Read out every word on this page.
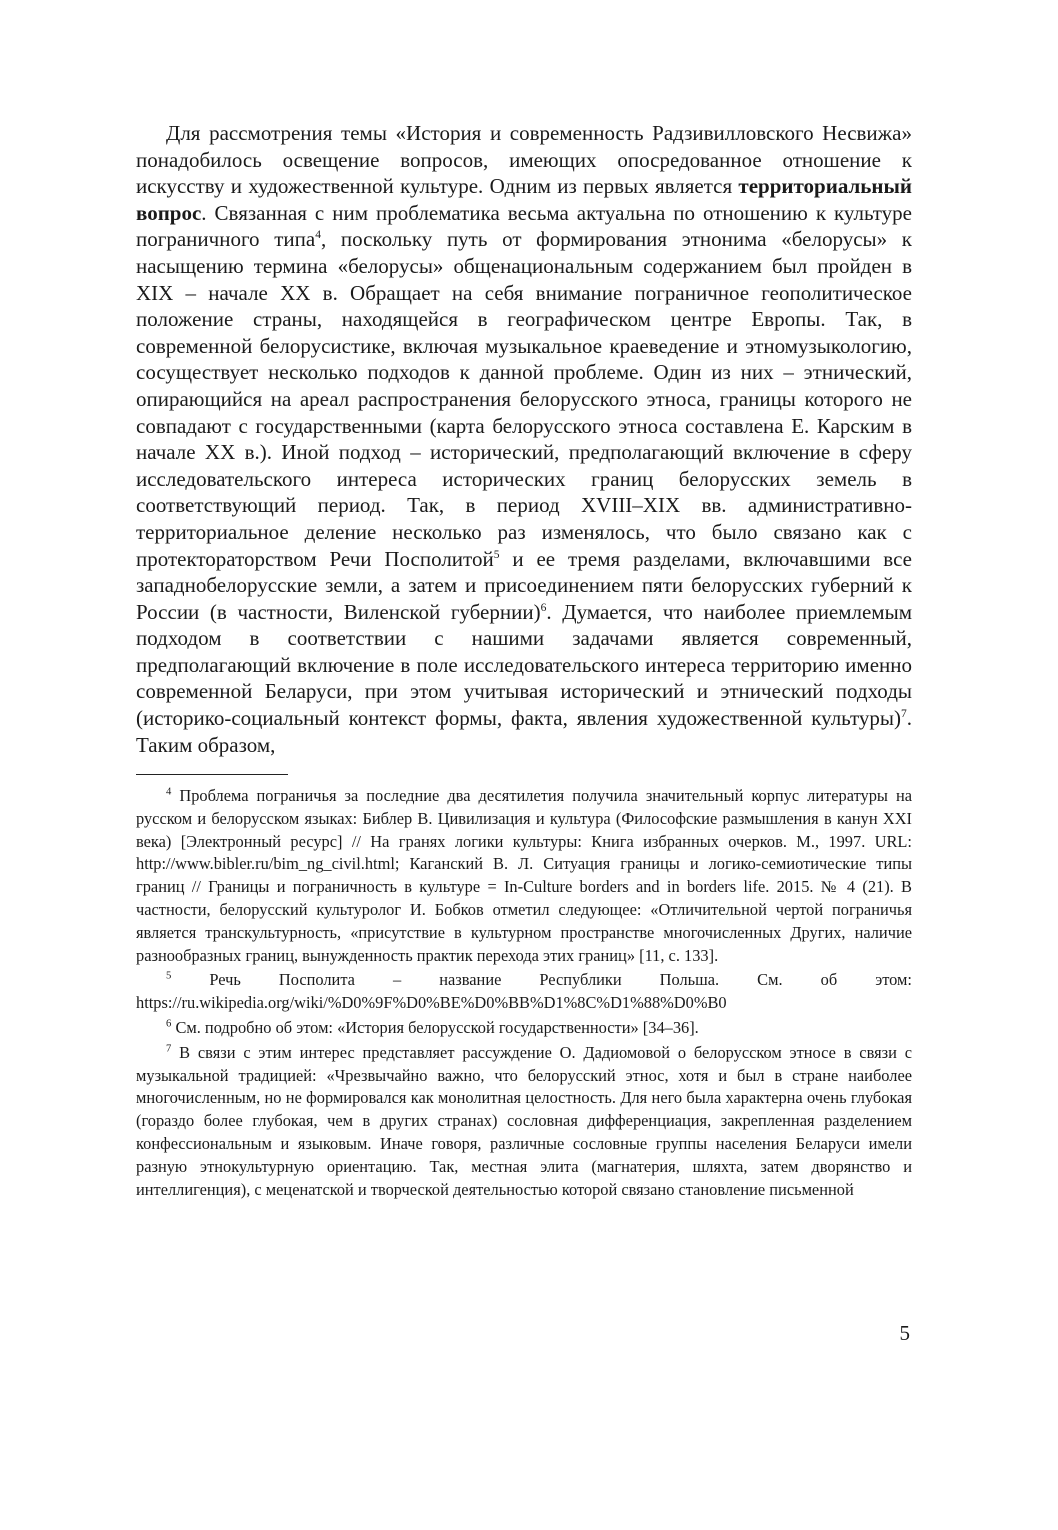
Для рассмотрения темы «История и современность Радзивилловского Несвижа» понадобилось освещение вопросов, имеющих опосредованное отношение к искусству и художественной культуре. Одним из первых является территориальный вопрос. Связанная с ним проблематика весьма актуальна по отношению к культуре пограничного типа$^4$, поскольку путь от формирования этнонима «белорусы» к насыщению термина «белорусы» общенациональным содержанием был пройден в XIX – начале XX в. Обращает на себя внимание пограничное геополитическое положение страны, находящейся в географическом центре Европы. Так, в современной белорусистике, включая музыкальное краеведение и этномузыкологию, сосуществует несколько подходов к данной проблеме. Один из них – этнический, опирающийся на ареал распространения белорусского этноса, границы которого не совпадают с государственными (карта белорусского этноса составлена Е. Карским в начале XX в.). Иной подход – исторический, предполагающий включение в сферу исследовательского интереса исторических границ белорусских земель в соответствующий период. Так, в период XVIII–XIX вв. административно-территориальное деление несколько раз изменялось, что было связано как с протектораторством Речи Посполитой$^5$ и ее тремя разделами, включавшими все западнобелорусские земли, а затем и присоединением пяти белорусских губерний к России (в частности, Виленской губернии)$^6$. Думается, что наиболее приемлемым подходом в соответствии с нашими задачами является современный, предполагающий включение в поле исследовательского интереса территорию именно современной Беларуси, при этом учитывая исторический и этнический подходы (историко-социальный контекст формы, факта, явления художественной культуры)$^7$. Таким образом,

$^4$ Проблема пограничья за последние два десятилетия получила значительный корпус литературы на русском и белорусском языках: Библер В. Цивилизация и культура (Философские размышления в канун XXI века) [Электронный ресурс] // На гранях логики культуры: Книга избранных очерков. М., 1997. URL: http://www.bibler.ru/bim_ng_civil.html; Каганский В. Л. Ситуация границы и логико-семиотические типы границ // Границы и пограничность в культуре = In-Culture borders and in borders life. 2015. № 4 (21). В частности, белорусский культуролог И. Бобков отметил следующее: «Отличительной чертой пограничья является транскультурность, «присутствие в культурном пространстве многочисленных Других, наличие разнообразных границ, вынужденность практик перехода этих границ» [11, с. 133].

$^5$ Речь Посполита – название Республики Польша. См. об этом: https://ru.wikipedia.org/wiki/%D0%9F%D0%BE%D0%BB%D1%8C%D1%88%D0%B0

$^6$ См. подробно об этом: «История белорусской государственности» [34–36].

$^7$ В связи с этим интерес представляет рассуждение О. Дадиомовой о белорусском этносе в связи с музыкальной традицией: «Чрезвычайно важно, что белорусский этнос, хотя и был в стране наиболее многочисленным, но не формировался как монолитная целостность. Для него была характерна очень глубокая (гораздо более глубокая, чем в других странах) сословная дифференциация, закрепленная разделением конфессиональным и языковым. Иначе говоря, различные сословные группы населения Беларуси имели разную этнокультурную ориентацию. Так, местная элита (магнатерия, шляхта, затем дворянство и интеллигенция), с меценатской и творческой деятельностью которой связано становление письменной

5
